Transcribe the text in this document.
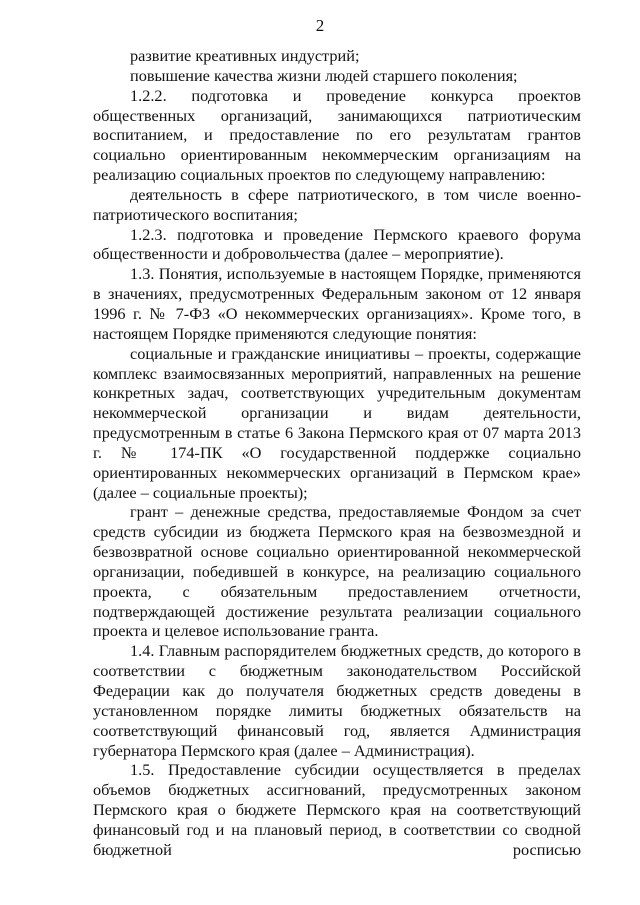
2

развитие креативных индустрий;

повышение качества жизни людей старшего поколения;

1.2.2. подготовка и проведение конкурса проектов общественных организаций, занимающихся патриотическим воспитанием, и предоставление по его результатам грантов социально ориентированным некоммерческим организациям на реализацию социальных проектов по следующему направлению:

деятельность в сфере патриотического, в том числе военно-патриотического воспитания;

1.2.3. подготовка и проведение Пермского краевого форума общественности и добровольчества (далее – мероприятие).

1.3. Понятия, используемые в настоящем Порядке, применяются в значениях, предусмотренных Федеральным законом от 12 января 1996 г. № 7-ФЗ «О некоммерческих организациях». Кроме того, в настоящем Порядке применяются следующие понятия:

социальные и гражданские инициативы – проекты, содержащие комплекс взаимосвязанных мероприятий, направленных на решение конкретных задач, соответствующих учредительным документам некоммерческой организации и видам деятельности, предусмотренным в статье 6 Закона Пермского края от 07 марта 2013 г. № 174-ПК «О государственной поддержке социально ориентированных некоммерческих организаций в Пермском крае» (далее – социальные проекты);

грант – денежные средства, предоставляемые Фондом за счет средств субсидии из бюджета Пермского края на безвозмездной и безвозвратной основе социально ориентированной некоммерческой организации, победившей в конкурсе, на реализацию социального проекта, с обязательным предоставлением отчетности, подтверждающей достижение результата реализации социального проекта и целевое использование гранта.

1.4. Главным распорядителем бюджетных средств, до которого в соответствии с бюджетным законодательством Российской Федерации как до получателя бюджетных средств доведены в установленном порядке лимиты бюджетных обязательств на соответствующий финансовый год, является Администрация губернатора Пермского края (далее – Администрация).

1.5. Предоставление субсидии осуществляется в пределах объемов бюджетных ассигнований, предусмотренных законом Пермского края о бюджете Пермского края на соответствующий финансовый год и на плановый период, в соответствии со сводной бюджетной росписью
